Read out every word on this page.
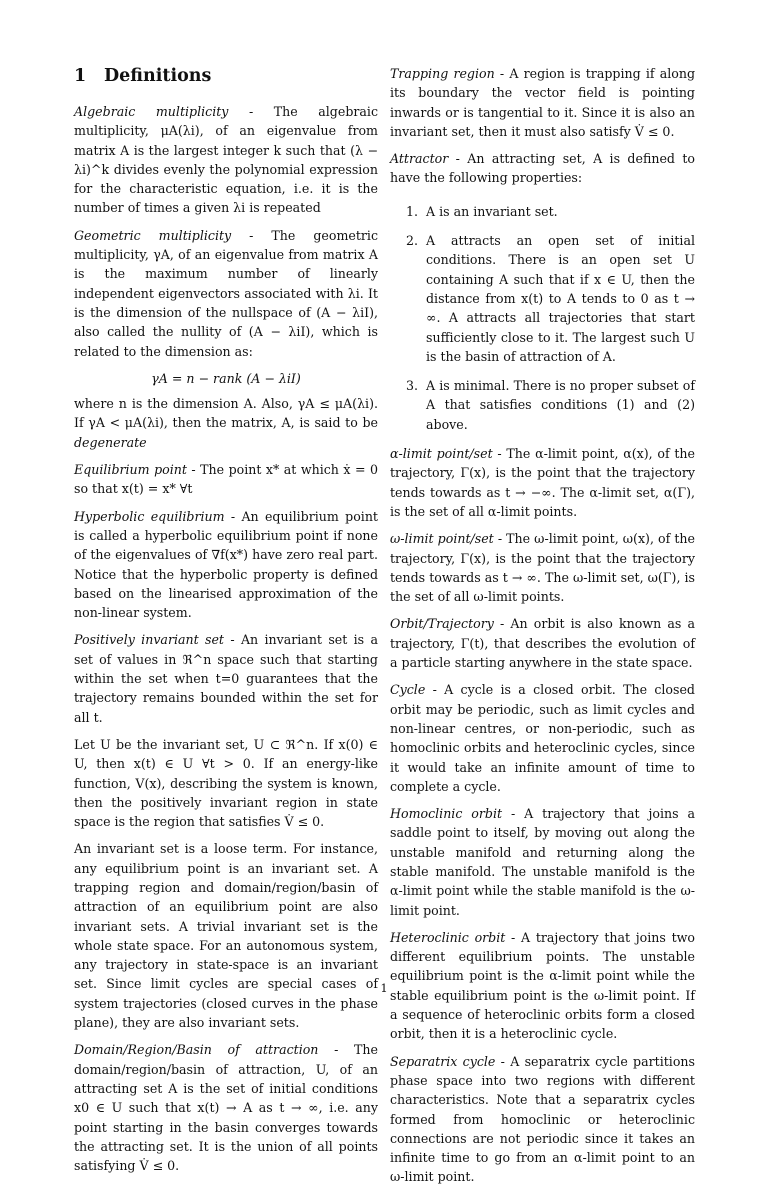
1 Definitions

Algebraic multiplicity - The algebraic multiplicity, μA(λi), of an eigenvalue from matrix A is the largest integer k such that (λ − λi)^k divides evenly the polynomial expression for the characteristic equation, i.e. it is the number of times a given λi is repeated

Geometric multiplicity - The geometric multiplicity, γA, of an eigenvalue from matrix A is the maximum number of linearly independent eigenvectors associated with λi. It is the dimension of the nullspace of (A − λiI), also called the nullity of (A − λiI), which is related to the dimension as:

γA = n − rank (A − λiI)

where n is the dimension A. Also, γA ≤ μA(λi). If γA < μA(λi), then the matrix, A, is said to be degenerate

Equilibrium point - The point x* at which ẋ = 0 so that x(t) = x* ∀t

Hyperbolic equilibrium - An equilibrium point is called a hyperbolic equilibrium point if none of the eigenvalues of ∇f(x*) have zero real part. Notice that the hyperbolic property is defined based on the linearised approximation of the non-linear system.

Positively invariant set - An invariant set is a set of values in ℜ^n space such that starting within the set when t=0 guarantees that the trajectory remains bounded within the set for all t.

Let U be the invariant set, U ⊂ ℜ^n. If x(0) ∈ U, then x(t) ∈ U ∀t > 0. If an energy-like function, V(x), describing the system is known, then the positively invariant region in state space is the region that satisfies V̇ ≤ 0.

An invariant set is a loose term. For instance, any equilibrium point is an invariant set. A trapping region and domain/region/basin of attraction of an equilibrium point are also invariant sets. A trivial invariant set is the whole state space. For an autonomous system, any trajectory in state-space is an invariant set. Since limit cycles are special cases of system trajectories (closed curves in the phase plane), they are also invariant sets.

Domain/Region/Basin of attraction - The domain/region/basin of attraction, U, of an attracting set A is the set of initial conditions x0 ∈ U such that x(t) → A as t → ∞, i.e. any point starting in the basin converges towards the attracting set. It is the union of all points satisfying V̇ ≤ 0.

Trapping region - A region is trapping if along its boundary the vector field is pointing inwards or is tangential to it. Since it is also an invariant set, then it must also satisfy V̇ ≤ 0.

Attractor - An attracting set, A is defined to have the following properties:

1. A is an invariant set.
2. A attracts an open set of initial conditions. There is an open set U containing A such that if x ∈ U, then the distance from x(t) to A tends to 0 as t → ∞. A attracts all trajectories that start sufficiently close to it. The largest such U is the basin of attraction of A.
3. A is minimal. There is no proper subset of A that satisfies conditions (1) and (2) above.

α-limit point/set - The α-limit point, α(x), of the trajectory, Γ(x), is the point that the trajectory tends towards as t → −∞. The α-limit set, α(Γ), is the set of all α-limit points.

ω-limit point/set - The ω-limit point, ω(x), of the trajectory, Γ(x), is the point that the trajectory tends towards as t → ∞. The ω-limit set, ω(Γ), is the set of all ω-limit points.

Orbit/Trajectory - An orbit is also known as a trajectory, Γ(t), that describes the evolution of a particle starting anywhere in the state space.

Cycle - A cycle is a closed orbit. The closed orbit may be periodic, such as limit cycles and non-linear centres, or non-periodic, such as homoclinic orbits and heteroclinic cycles, since it would take an infinite amount of time to complete a cycle.

Homoclinic orbit - A trajectory that joins a saddle point to itself, by moving out along the unstable manifold and returning along the stable manifold. The unstable manifold is the α-limit point while the stable manifold is the ω-limit point.

Heteroclinic orbit - A trajectory that joins two different equilibrium points. The unstable equilibrium point is the α-limit point while the stable equilibrium point is the ω-limit point. If a sequence of heteroclinic orbits form a closed orbit, then it is a heteroclinic cycle.

Separatrix cycle - A separatrix cycle partitions phase space into two regions with different characteristics. Note that a separatrix cycles formed from homoclinic or heteroclinic connections are not periodic since it takes an infinite time to go from an α-limit point to an ω-limit point.

1
